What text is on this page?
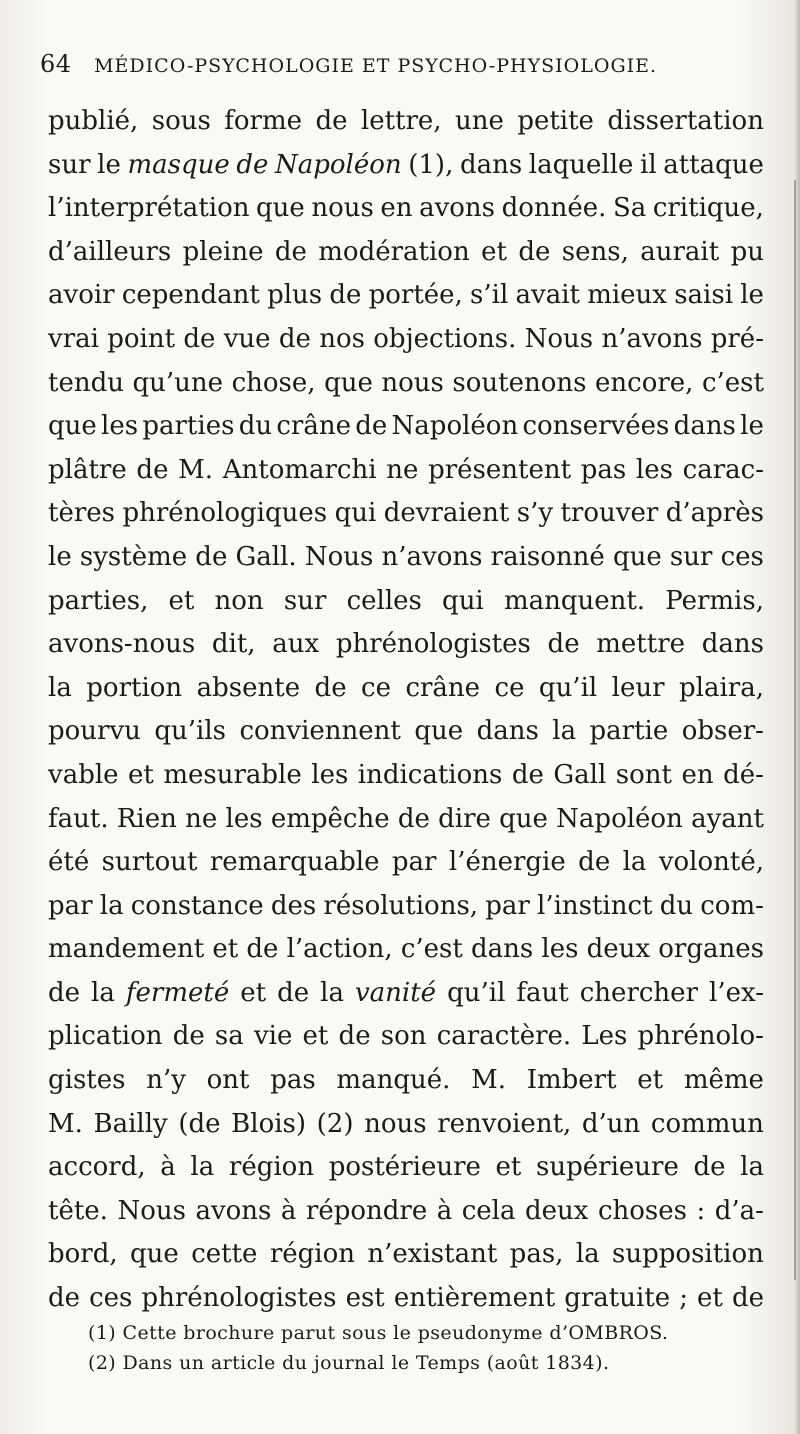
64 MÉDICO-PSYCHOLOGIE ET PSYCHO-PHYSIOLOGIE.
publié, sous forme de lettre, une petite dissertation
sur le masque de Napoléon (1), dans laquelle il attaque
l’interprétation que nous en avons donnée. Sa critique,
d’ailleurs pleine de modération et de sens, aurait pu
avoir cependant plus de portée, s’il avait mieux saisi le
vrai point de vue de nos objections. Nous n’avons pré-
tendu qu’une chose, que nous soutenons encore, c’est
que les parties du crâne de Napoléon conservées dans le
plâtre de M. Antomarchi ne présentent pas les carac-
tères phrénologiques qui devraient s’y trouver d’après
le système de Gall. Nous n’avons raisonné que sur ces
parties, et non sur celles qui manquent. Permis,
avons-nous dit, aux phrénologistes de mettre dans
la portion absente de ce crâne ce qu’il leur plaira,
pourvu qu’ils conviennent que dans la partie obser-
vable et mesurable les indications de Gall sont en dé-
faut. Rien ne les empêche de dire que Napoléon ayant
été surtout remarquable par l’énergie de la volonté,
par la constance des résolutions, par l’instinct du com-
mandement et de l’action, c’est dans les deux organes
de la fermeté et de la vanité qu’il faut chercher l’ex-
plication de sa vie et de son caractère. Les phrénolo-
gistes n’y ont pas manqué. M. Imbert et même
M. Bailly (de Blois) (2) nous renvoient, d’un commun
accord, à la région postérieure et supérieure de la
tête. Nous avons à répondre à cela deux choses : d’a-
bord, que cette région n’existant pas, la supposition
de ces phrénologistes est entièrement gratuite ; et de
(1) Cette brochure parut sous le pseudonyme d’OMBROS.
(2) Dans un article du journal le Temps (août 1834).
